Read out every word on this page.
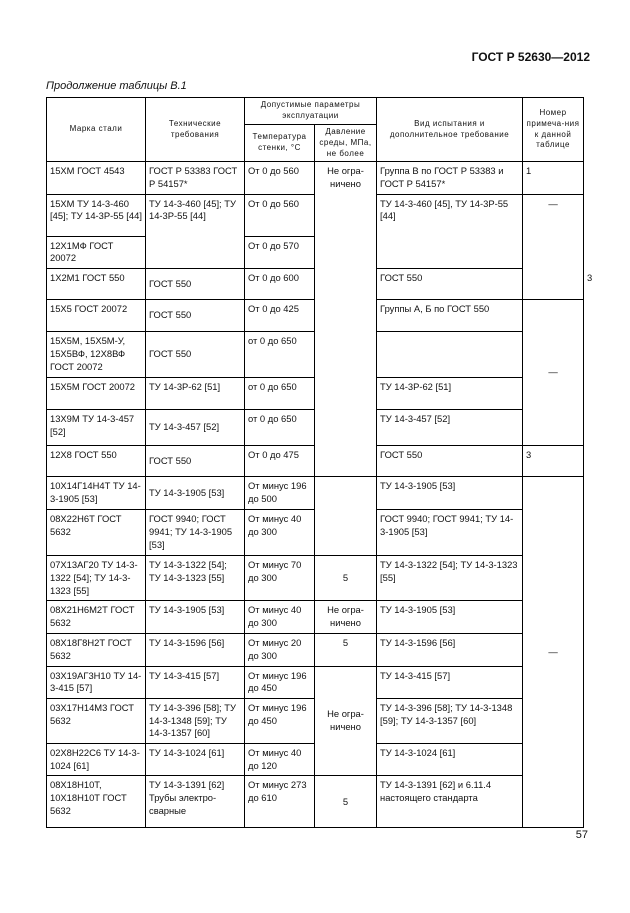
ГОСТ Р 52630—2012
Продолжение таблицы В.1
Марка стали	Технические требования	Допустимые параметры эксплуатации		Вид испытания и дополнительное требование	Номер примеча-ния к данной таблице	
		Температура стенки, °С	Давление среды, МПа, не более			
15ХМ ГОСТ 4543	ГОСТ Р 53383 ГОСТ Р 54157*	От 0 до 560	Не огра-ничено	Группа В по ГОСТ Р 53383 и ГОСТ Р 54157*	1	
15ХМ ТУ 14-3-460 [45]; ТУ 14-3Р-55 [44]	ТУ 14-3-460 [45]; ТУ 14-3Р-55 [44]	От 0 до 560		ТУ 14-3-460 [45], ТУ 14-3Р-55 [44]	—	
12Х1МФ ГОСТ 20072		От 0 до 570				
1Х2М1 ГОСТ 550	ГОСТ 550	От 0 до 600		ГОСТ 550		3
15Х5 ГОСТ 20072	ГОСТ 550	От 0 до 425		Группы А, Б по ГОСТ 550	—	
15Х5М, 15Х5М-У, 15Х5ВФ, 12Х8ВФ ГОСТ 20072	ГОСТ 550	от 0 до 650				
15Х5М ГОСТ 20072	ТУ 14-3Р-62 [51]	от 0 до 650		ТУ 14-3Р-62 [51]		
13Х9М ТУ 14-3-457 [52]	ТУ 14-3-457 [52]	от 0 до 650		ТУ 14-3-457 [52]		
12Х8 ГОСТ 550	ГОСТ 550	От 0 до 475		ГОСТ 550	3	
10Х14Г14Н4Т ТУ 14-3-1905 [53]	ТУ 14-3-1905 [53]	От минус 196 до 500		ТУ 14-3-1905 [53]	—	
08Х22Н6Т ГОСТ 5632	ГОСТ 9940; ГОСТ 9941; ТУ 14-3-1905 [53]	От минус 40 до 300		ГОСТ 9940; ГОСТ 9941; ТУ 14-3-1905 [53]		
07Х13АГ20 ТУ 14-3-1322 [54]; ТУ 14-3-1323 [55]	ТУ 14-3-1322 [54]; ТУ 14-3-1323 [55]	От минус 70 до 300	5	ТУ 14-3-1322 [54]; ТУ 14-3-1323 [55]		
08Х21Н6М2Т ГОСТ 5632	ТУ 14-3-1905 [53]	От минус 40 до 300	Не огра-ничено	ТУ 14-3-1905 [53]		
08Х18Г8Н2Т ГОСТ 5632	ТУ 14-3-1596 [56]	От минус 20 до 300	5	ТУ 14-3-1596 [56]		
03Х19АГ3Н10 ТУ 14-3-415 [57]	ТУ 14-3-415 [57]	От минус 196 до 450	Не огра-ничено	ТУ 14-3-415 [57]		
03Х17Н14М3 ГОСТ 5632	ТУ 14-3-396 [58]; ТУ 14-3-1348 [59]; ТУ 14-3-1357 [60]	От минус 196 до 450		ТУ 14-3-396 [58]; ТУ 14-3-1348 [59]; ТУ 14-3-1357 [60]		
02Х8Н22С6 ТУ 14-3-1024 [61]	ТУ 14-3-1024 [61]	От минус 40 до 120		ТУ 14-3-1024 [61]		
08Х18Н10Т, 10Х18Н10Т ГОСТ 5632	ТУ 14-3-1391 [62] Трубы электро-сварные	От минус 273 до 610	5	ТУ 14-3-1391 [62] и 6.11.4 настоящего стандарта		
57
